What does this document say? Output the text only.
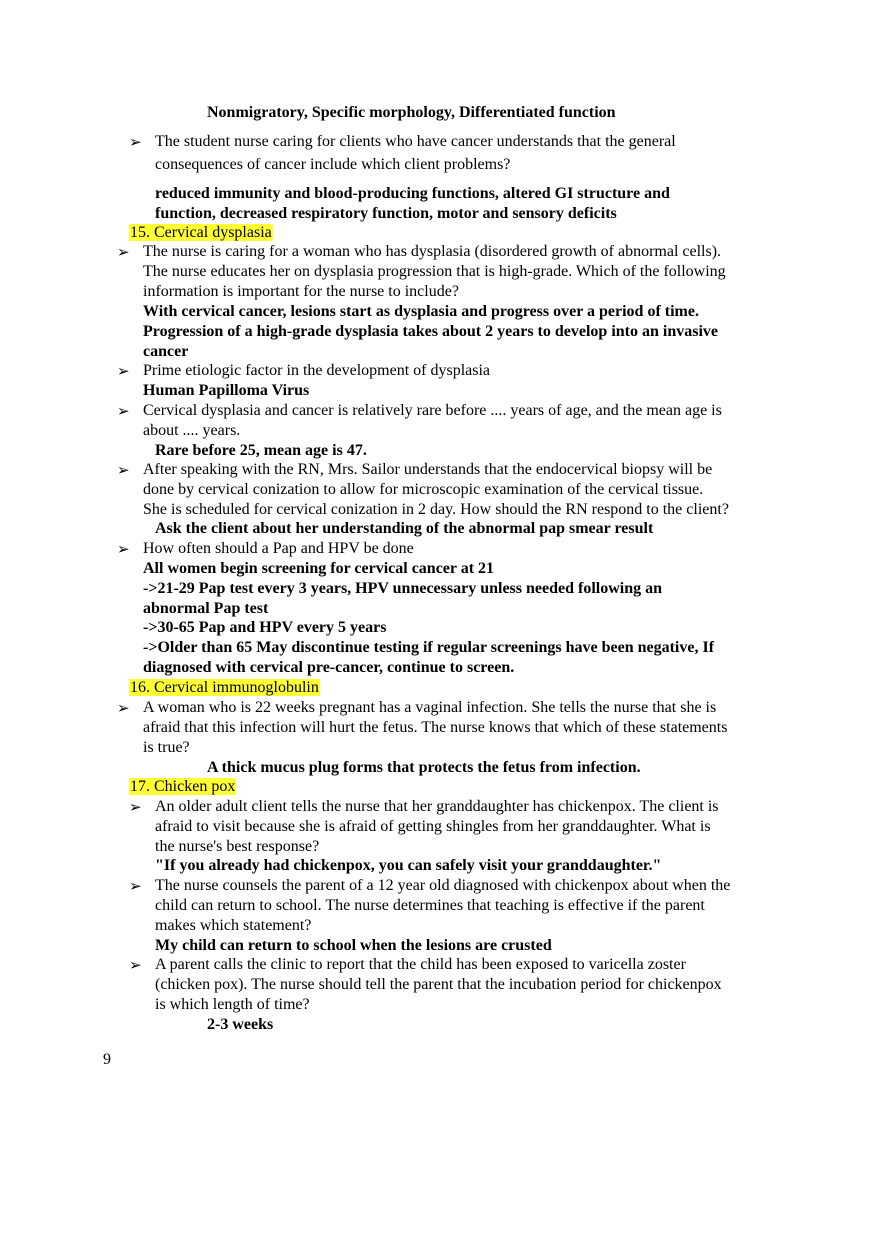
Nonmigratory, Specific morphology, Differentiated function
➢ The student nurse caring for clients who have cancer understands that the general
consequences of cancer include which client problems?
reduced immunity and blood-producing functions, altered GI structure and
function, decreased respiratory function, motor and sensory deficits
15. Cervical dysplasia
➢ The nurse is caring for a woman who has dysplasia (disordered growth of abnormal cells).
The nurse educates her on dysplasia progression that is high-grade. Which of the following
information is important for the nurse to include?
With cervical cancer, lesions start as dysplasia and progress over a period of time.
Progression of a high-grade dysplasia takes about 2 years to develop into an invasive
cancer
➢ Prime etiologic factor in the development of dysplasia
Human Papilloma Virus
➢ Cervical dysplasia and cancer is relatively rare before .... years of age, and the mean age is
about .... years.
Rare before 25, mean age is 47.
➢ After speaking with the RN, Mrs. Sailor understands that the endocervical biopsy will be
done by cervical conization to allow for microscopic examination of the cervical tissue.
She is scheduled for cervical conization in 2 day. How should the RN respond to the client?
Ask the client about her understanding of the abnormal pap smear result
➢ How often should a Pap and HPV be done
All women begin screening for cervical cancer at 21
->21-29 Pap test every 3 years, HPV unnecessary unless needed following an
abnormal Pap test
->30-65 Pap and HPV every 5 years
->Older than 65 May discontinue testing if regular screenings have been negative, If
diagnosed with cervical pre-cancer, continue to screen.
16. Cervical immunoglobulin
➢ A woman who is 22 weeks pregnant has a vaginal infection. She tells the nurse that she is
afraid that this infection will hurt the fetus. The nurse knows that which of these statements
is true?
A thick mucus plug forms that protects the fetus from infection.
17. Chicken pox
➢ An older adult client tells the nurse that her granddaughter has chickenpox. The client is
afraid to visit because she is afraid of getting shingles from her granddaughter. What is
the nurse's best response?
"If you already had chickenpox, you can safely visit your granddaughter."
➢ The nurse counsels the parent of a 12 year old diagnosed with chickenpox about when the
child can return to school. The nurse determines that teaching is effective if the parent
makes which statement?
My child can return to school when the lesions are crusted
➢ A parent calls the clinic to report that the child has been exposed to varicella zoster
(chicken pox). The nurse should tell the parent that the incubation period for chickenpox
is which length of time?
2-3 weeks
9
